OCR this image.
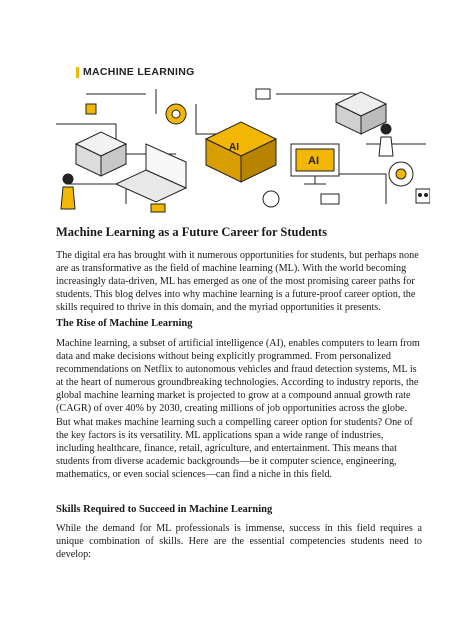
MACHINE LEARNING
AI
AI
Machine Learning as a Future Career for Students

The digital era has brought with it numerous opportunities for students, but perhaps none are as transformative as the field of machine learning (ML). With the world becoming increasingly data-driven, ML has emerged as one of the most promising career paths for students. This blog delves into why machine learning is a future-proof career option, the skills required to thrive in this domain, and the myriad opportunities it presents.

The Rise of Machine Learning

Machine learning, a subset of artificial intelligence (AI), enables computers to learn from data and make decisions without being explicitly programmed. From personalized recommendations on Netflix to autonomous vehicles and fraud detection systems, ML is at the heart of numerous groundbreaking technologies. According to industry reports, the global machine learning market is projected to grow at a compound annual growth rate (CAGR) of over 40% by 2030, creating millions of job opportunities across the globe.

But what makes machine learning such a compelling career option for students? One of the key factors is its versatility. ML applications span a wide range of industries, including healthcare, finance, retail, agriculture, and entertainment. This means that students from diverse academic backgrounds—be it computer science, engineering, mathematics, or even social sciences—can find a niche in this field.

Skills Required to Succeed in Machine Learning

While the demand for ML professionals is immense, success in this field requires a unique combination of skills. Here are the essential competencies students need to develop:
